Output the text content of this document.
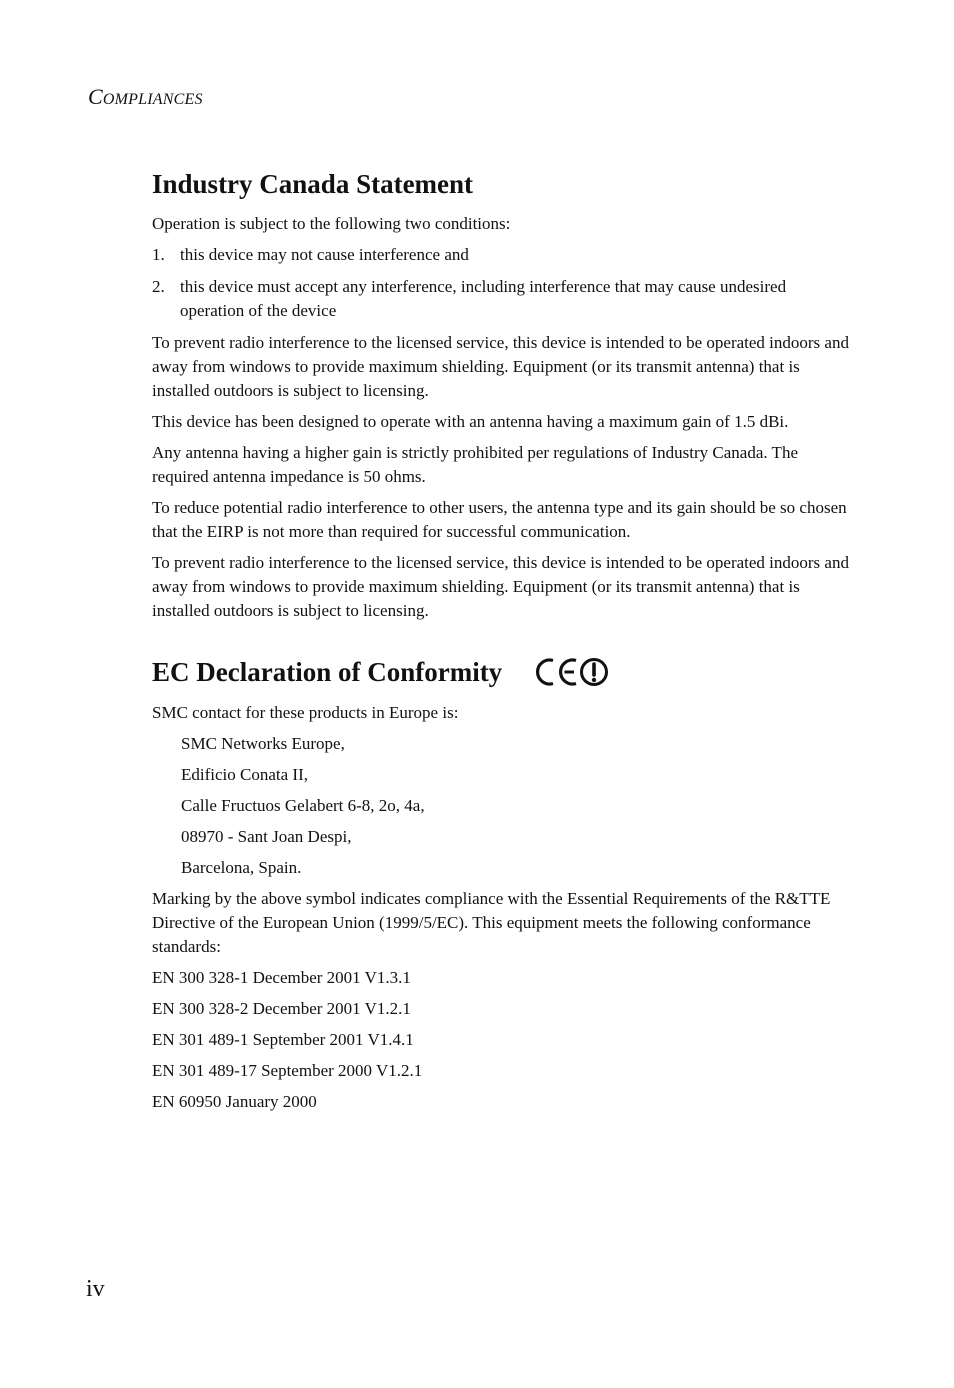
COMPLIANCES
Industry Canada Statement

Operation is subject to the following two conditions:

1. this device may not cause interference and
2. this device must accept any interference, including interference that may cause undesired operation of the device

To prevent radio interference to the licensed service, this device is intended to be operated indoors and away from windows to provide maximum shielding. Equipment (or its transmit antenna) that is installed outdoors is subject to licensing.

This device has been designed to operate with an antenna having a maximum gain of 1.5 dBi.

Any antenna having a higher gain is strictly prohibited per regulations of Industry Canada. The required antenna impedance is 50 ohms.

To reduce potential radio interference to other users, the antenna type and its gain should be so chosen that the EIRP is not more than required for successful communication.

To prevent radio interference to the licensed service, this device is intended to be operated indoors and away from windows to provide maximum shielding. Equipment (or its transmit antenna) that is installed outdoors is subject to licensing.

EC Declaration of Conformity

SMC contact for these products in Europe is:

SMC Networks Europe,

Edificio Conata II,

Calle Fructuos Gelabert 6-8, 2o, 4a,

08970 - Sant Joan Despi,

Barcelona, Spain.

Marking by the above symbol indicates compliance with the Essential Requirements of the R&TTE Directive of the European Union (1999/5/EC). This equipment meets the following conformance standards:

EN 300 328-1 December 2001 V1.3.1

EN 300 328-2 December 2001 V1.2.1

EN 301 489-1 September 2001 V1.4.1

EN 301 489-17 September 2000 V1.2.1

EN 60950 January 2000

iv
